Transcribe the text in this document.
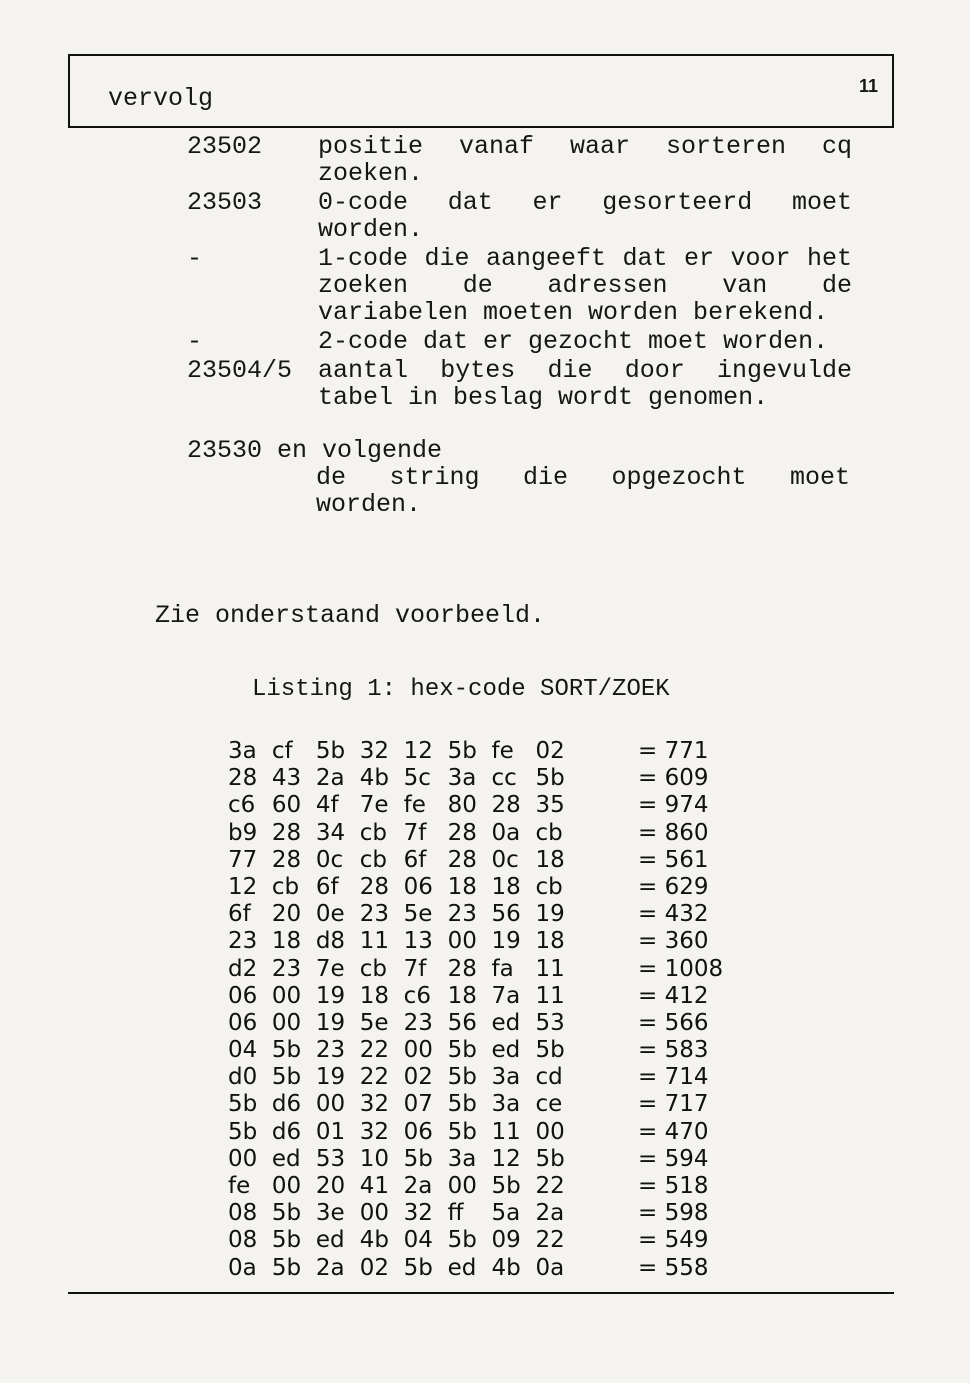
vervolg	11
23502 positie vanaf waar sorteren cq zoeken.
23503 0-code dat er gesorteerd moet worden.
-	1-code die aangeeft dat er voor het zoeken de adressen van de variabelen moeten worden berekend.
-	2-code dat er gezocht moet worden.
23504/5 aantal bytes die door ingevulde tabel in beslag wordt genomen.
23530 en volgende
de string die opgezocht moet worden.
Zie onderstaand voorbeeld.
Listing 1: hex-code SORT/ZOEK
3a cf 5b 32 12 5b fe 02	= 771
28 43 2a 4b 5c 3a cc 5b	= 609
c6 60 4f 7e fe 80 28 35	= 974
b9 28 34 cb 7f 28 0a cb	= 860
77 28 0c cb 6f 28 0c 18	= 561
12 cb 6f 28 06 18 18 cb	= 629
6f 20 0e 23 5e 23 56 19	= 432
23 18 d8 11 13 00 19 18	= 360
d2 23 7e cb 7f 28 fa 11	= 1008
06 00 19 18 c6 18 7a 11	= 412
06 00 19 5e 23 56 ed 53	= 566
04 5b 23 22 00 5b ed 5b	= 583
d0 5b 19 22 02 5b 3a cd	= 714
5b d6 00 32 07 5b 3a ce	= 717
5b d6 01 32 06 5b 11 00	= 470
00 ed 53 10 5b 3a 12 5b	= 594
fe 00 20 41 2a 00 5b 22	= 518
08 5b 3e 00 32 ff 5a 2a	= 598
08 5b ed 4b 04 5b 09 22	= 549
0a 5b 2a 02 5b ed 4b 0a	= 558
